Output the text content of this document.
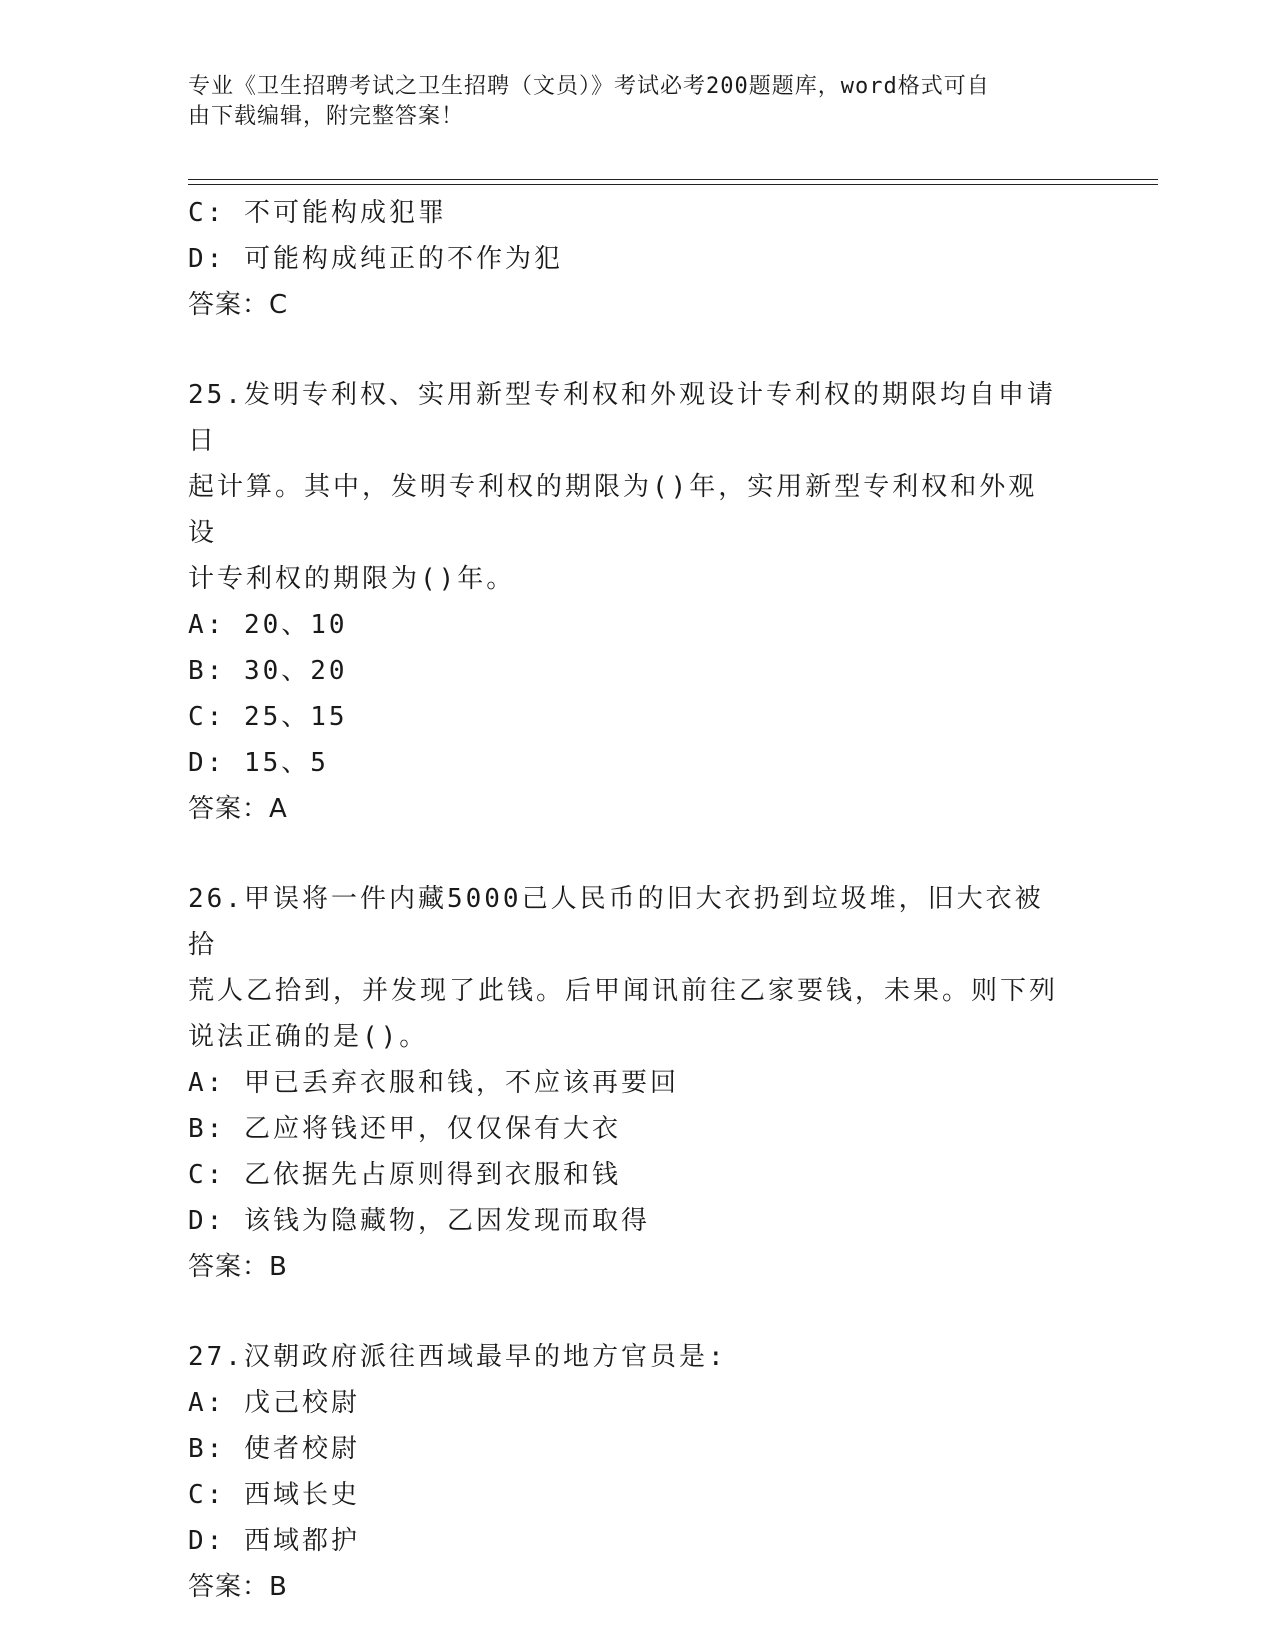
专业《卫生招聘考试之卫生招聘（文员）》考试必考200题题库，word格式可自
由下载编辑，附完整答案！
C: 不可能构成犯罪
D: 可能构成纯正的不作为犯
答案：C
25.发明专利权、实用新型专利权和外观设计专利权的期限均自申请日
起计算。其中，发明专利权的期限为()年，实用新型专利权和外观设
计专利权的期限为()年。
A: 20、10
B: 30、20
C: 25、15
D: 15、5
答案：A
26.甲误将一件内藏5000己人民币的旧大衣扔到垃圾堆，旧大衣被拾
荒人乙拾到，并发现了此钱。后甲闻讯前往乙家要钱，未果。则下列
说法正确的是()。
A: 甲已丢弃衣服和钱，不应该再要回
B: 乙应将钱还甲，仅仅保有大衣
C: 乙依据先占原则得到衣服和钱
D: 该钱为隐藏物，乙因发现而取得
答案：B
27.汉朝政府派往西域最早的地方官员是:
A: 戊己校尉
B: 使者校尉
C: 西域长史
D: 西域都护
答案：B
